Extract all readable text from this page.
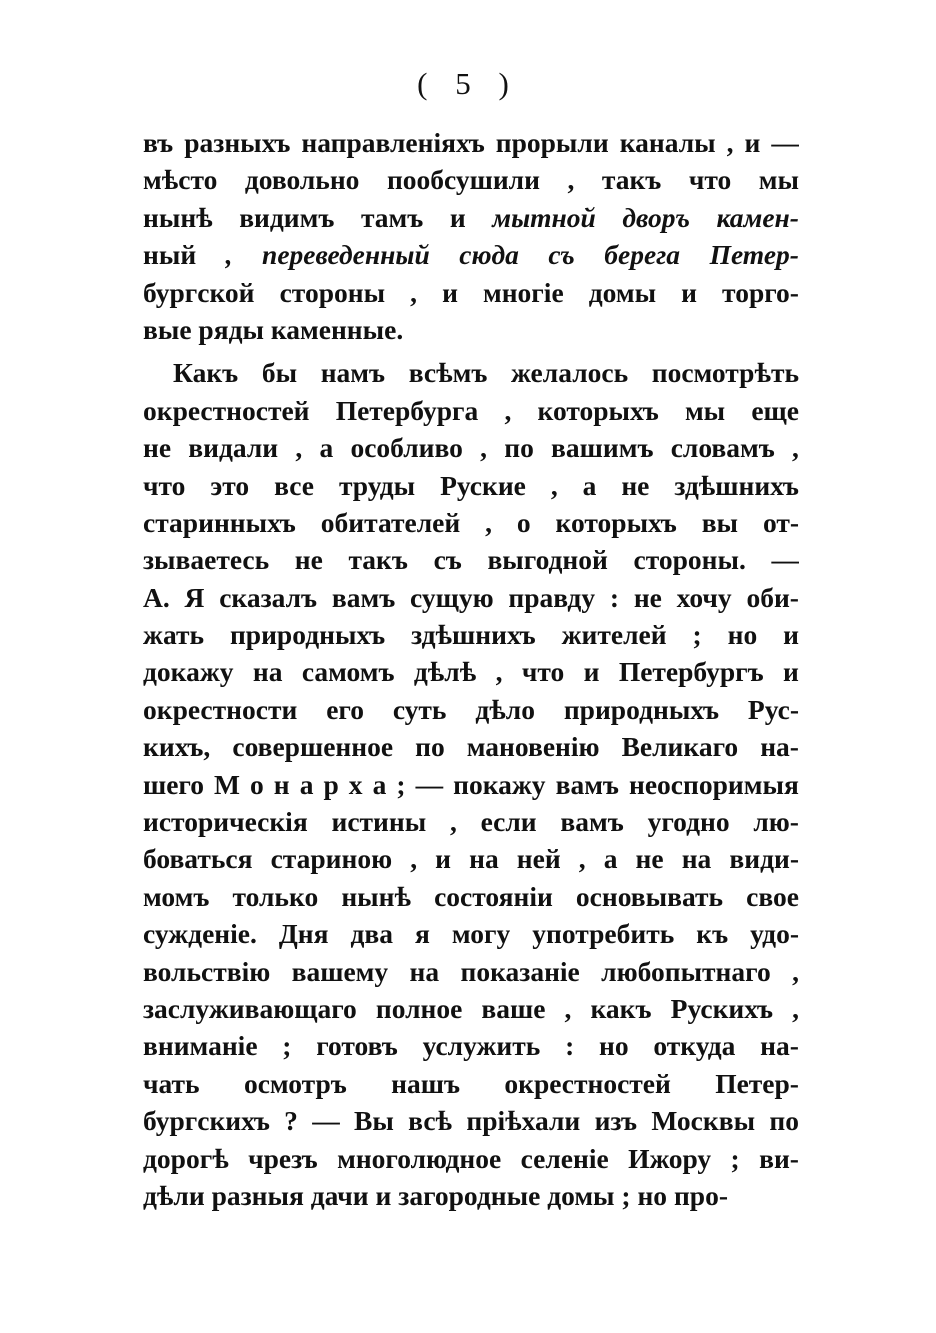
( 5 )
въ разныхъ направленiяхъ прорыли каналы , и —
мѣсто довольно пообсушили , такъ что мы
нынѣ видимъ тамъ и мытной дворъ камен-
ный , переведенный сюда съ берега Петер-
бургской стороны , и многiе домы и торго-
вые ряды каменные.
Какъ бы намъ всѣмъ желалось посмотрѣть
окрестностей Петербурга , которыхъ мы еще
не видали , а особливо , по вашимъ словамъ ,
что это все труды Руские , а не здѣшнихъ
старинныхъ обитателей , о которыхъ вы от-
зываетесь не такъ съ выгодной стороны. —
А. Я сказалъ вамъ сущую правду : не хочу оби-
жать природныхъ здѣшнихъ жителей ; но и
докажу на самомъ дѣлѣ , что и Петербургъ и
окрестности его суть дѣло природныхъ Рус-
кихъ, совершенное по мановенiю Великаго на-
шего М о н а р х а ; — покажу вамъ неоспоримыя
историческiя истины , если вамъ угодно лю-
боваться стариною , и на ней , а не на види-
момъ только нынѣ состоянiи основывать свое
сужденiе. Дня два я могу употребить къ удо-
вольствiю вашему на показанiе любопытнаго ,
заслуживающаго полное ваше , какъ Рускихъ ,
вниманiе ; готовъ услужить : но откуда на-
чать осмотръ нашъ окрестностей Петер-
бургскихъ ? — Вы всѣ прiѣхали изъ Москвы по
дорогѣ чрезъ многолюдное селенiе Ижору ; ви-
дѣли разныя дачи и загородные домы ; но про-
